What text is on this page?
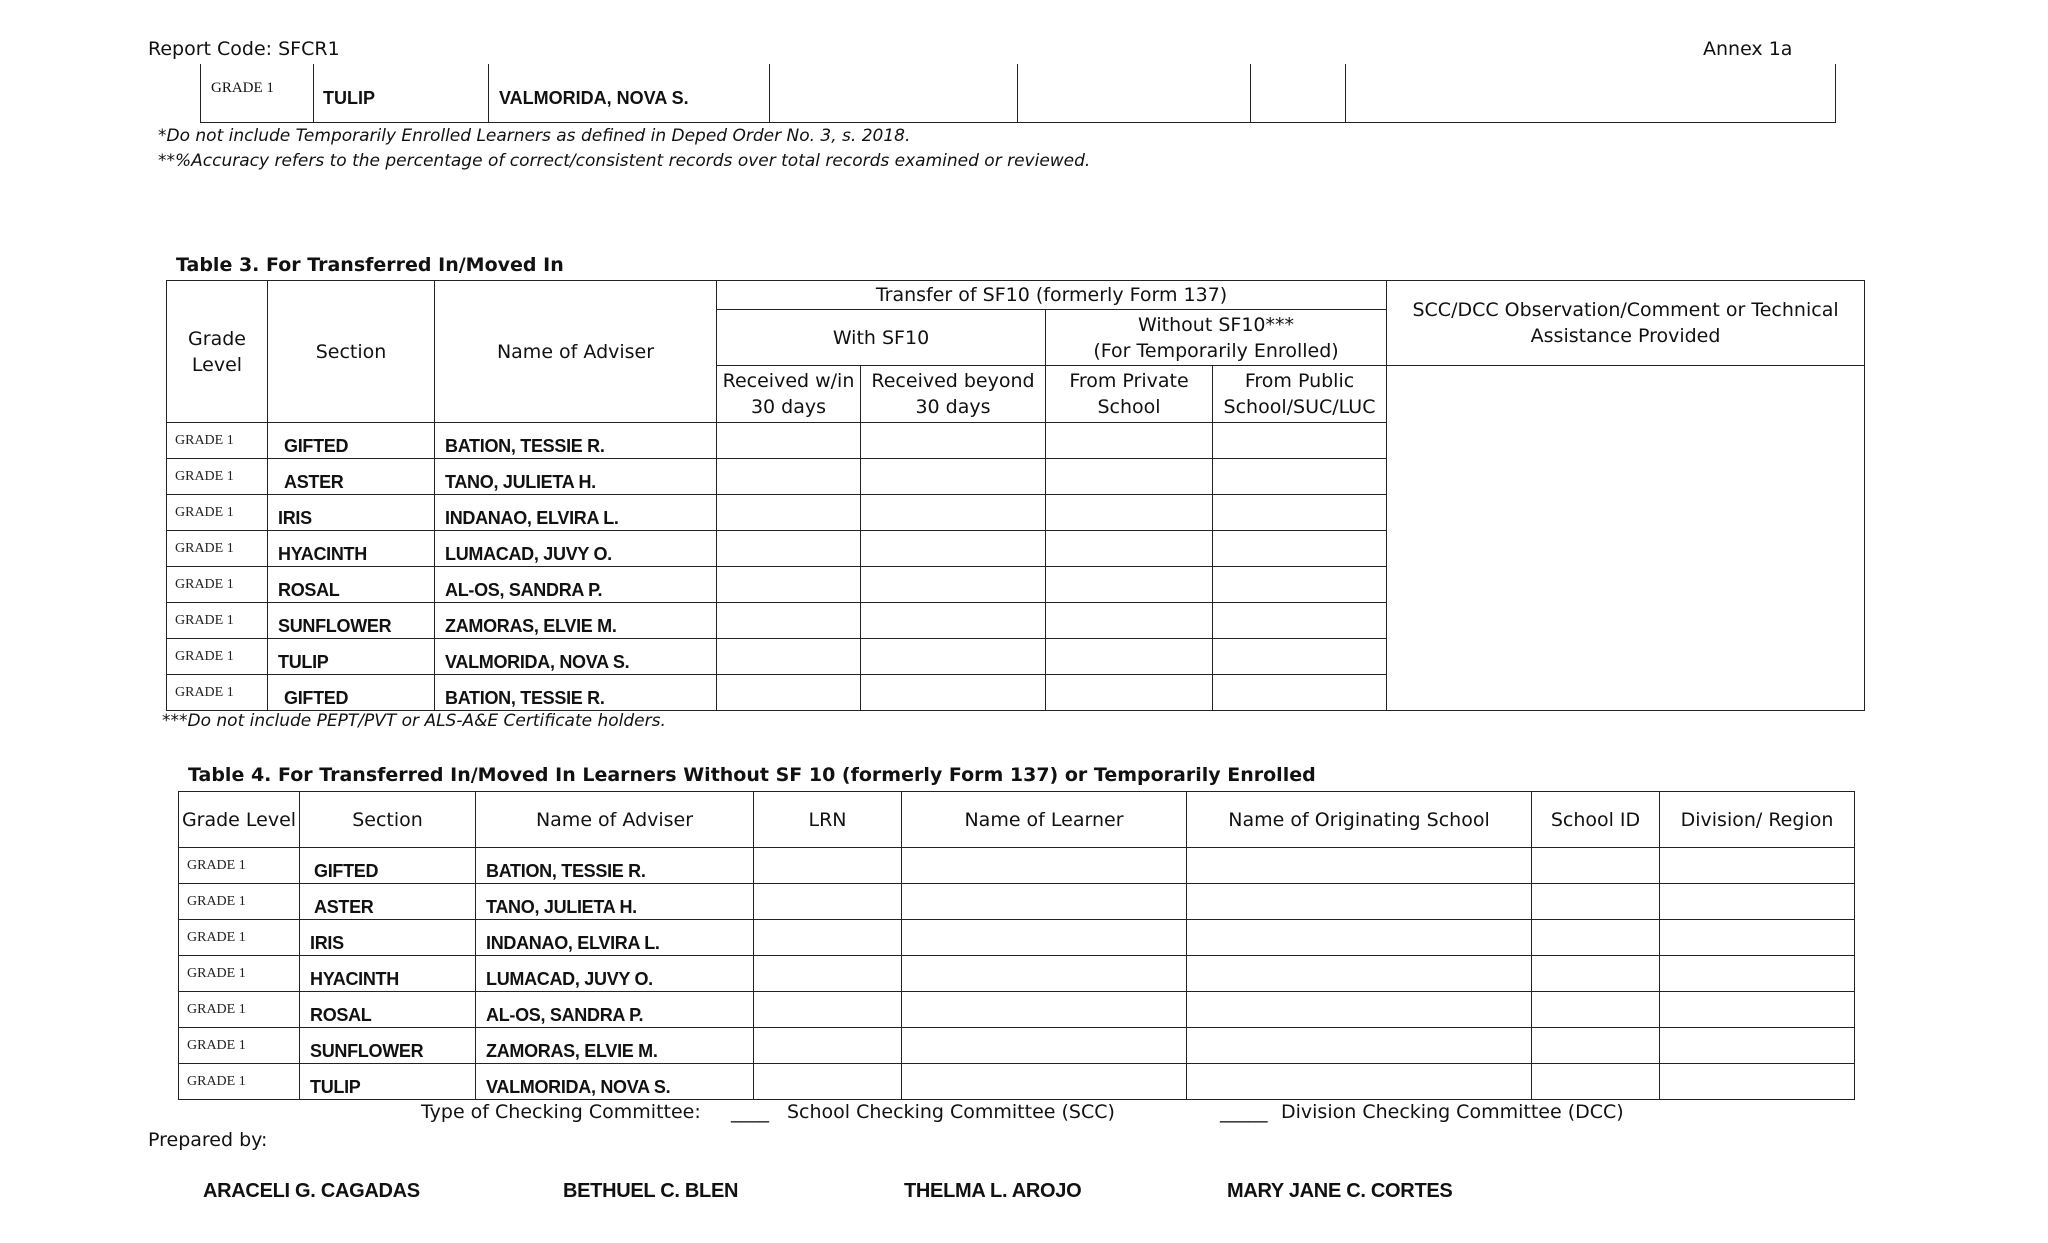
Report Code: SFCR1	Annex 1a
GRADE 1	TULIP	VALMORIDA, NOVA S.
*Do not include Temporarily Enrolled Learners as defined in Deped Order No. 3, s. 2018.
**%Accuracy refers to the percentage of correct/consistent records over total records examined or reviewed.
Table 3. For Transferred In/Moved In
Grade Level	Section	Name of Adviser	Transfer of SF10 (formerly Form 137)				SCC/DCC Observation/Comment or Technical Assistance Provided
			With SF10		Without SF10***
(For Temporarily Enrolled)		

			Received w/in 30 days	Received beyond 30 days	From Private School	From Public School/SUC/LUC	
GRADE 1	GIFTED	BATION, TESSIE R.					
GRADE 1	ASTER	TANO, JULIETA H.					
GRADE 1	IRIS	INDANAO, ELVIRA L.					
GRADE 1	HYACINTH	LUMACAD, JUVY O.					
GRADE 1	ROSAL	AL-OS, SANDRA P.					
GRADE 1	SUNFLOWER	ZAMORAS, ELVIE M.					
GRADE 1	TULIP	VALMORIDA, NOVA S.					
GRADE 1	GIFTED	BATION, TESSIE R.					
***Do not include PEPT/PVT or ALS-A&E Certificate holders.
Table 4. For Transferred In/Moved In Learners Without SF 10 (formerly Form 137) or Temporarily Enrolled
Grade Level	Section	Name of Adviser	LRN	Name of Learner	Name of Originating School	School ID	Division/ Region
GRADE 1	GIFTED	BATION, TESSIE R.					
GRADE 1	ASTER	TANO, JULIETA H.					
GRADE 1	IRIS	INDANAO, ELVIRA L.					
GRADE 1	HYACINTH	LUMACAD, JUVY O.					
GRADE 1	ROSAL	AL-OS, SANDRA P.					
GRADE 1	SUNFLOWER	ZAMORAS, ELVIE M.					
GRADE 1	TULIP	VALMORIDA, NOVA S.					
Type of Checking Committee: ____ School Checking Committee (SCC)	_____ Division Checking Committee (DCC)
Prepared by:
ARACELI G. CAGADAS	BETHUEL C. BLEN	THELMA L. AROJO	MARY JANE C. CORTES
